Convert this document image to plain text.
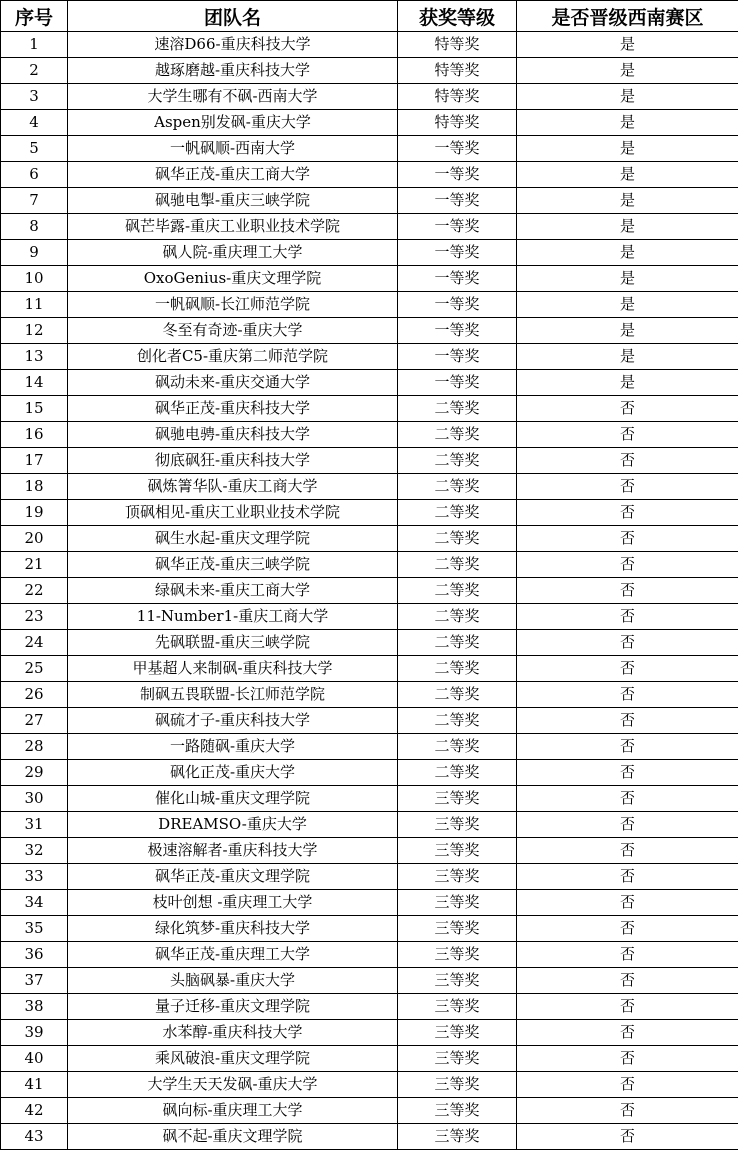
序号	团队名	获奖等级	是否晋级西南赛区
1	速溶D66-重庆科技大学	特等奖	是
2	越琢磨越-重庆科技大学	特等奖	是
3	大学生哪有不砜-西南大学	特等奖	是
4	Aspen别发砜-重庆大学	特等奖	是
5	一帆砜顺-西南大学	一等奖	是
6	砜华正茂-重庆工商大学	一等奖	是
7	砜驰电掣-重庆三峡学院	一等奖	是
8	砜芒毕露-重庆工业职业技术学院	一等奖	是
9	砜人院-重庆理工大学	一等奖	是
10	OxoGenius-重庆文理学院	一等奖	是
11	一帆砜顺-长江师范学院	一等奖	是
12	冬至有奇迹-重庆大学	一等奖	是
13	创化者C5-重庆第二师范学院	一等奖	是
14	砜动未来-重庆交通大学	一等奖	是
15	砜华正茂-重庆科技大学	二等奖	否
16	砜驰电骋-重庆科技大学	二等奖	否
17	彻底砜狂-重庆科技大学	二等奖	否
18	砜炼箐华队-重庆工商大学	二等奖	否
19	顶砜相见-重庆工业职业技术学院	二等奖	否
20	砜生水起-重庆文理学院	二等奖	否
21	砜华正茂-重庆三峡学院	二等奖	否
22	绿砜未来-重庆工商大学	二等奖	否
23	11-Number1-重庆工商大学	二等奖	否
24	先砜联盟-重庆三峡学院	二等奖	否
25	甲基超人来制砜-重庆科技大学	二等奖	否
26	制砜五畏联盟-长江师范学院	二等奖	否
27	砜硫才子-重庆科技大学	二等奖	否
28	一路随砜-重庆大学	二等奖	否
29	砜化正茂-重庆大学	二等奖	否
30	催化山城-重庆文理学院	三等奖	否
31	DREAMSO-重庆大学	三等奖	否
32	极速溶解者-重庆科技大学	三等奖	否
33	砜华正茂-重庆文理学院	三等奖	否
34	枝叶创想 -重庆理工大学	三等奖	否
35	绿化筑梦-重庆科技大学	三等奖	否
36	砜华正茂-重庆理工大学	三等奖	否
37	头脑砜暴-重庆大学	三等奖	否
38	量子迁移-重庆文理学院	三等奖	否
39	水苯醇-重庆科技大学	三等奖	否
40	乘风破浪-重庆文理学院	三等奖	否
41	大学生天天发砜-重庆大学	三等奖	否
42	砜向标-重庆理工大学	三等奖	否
43	砜不起-重庆文理学院	三等奖	否
